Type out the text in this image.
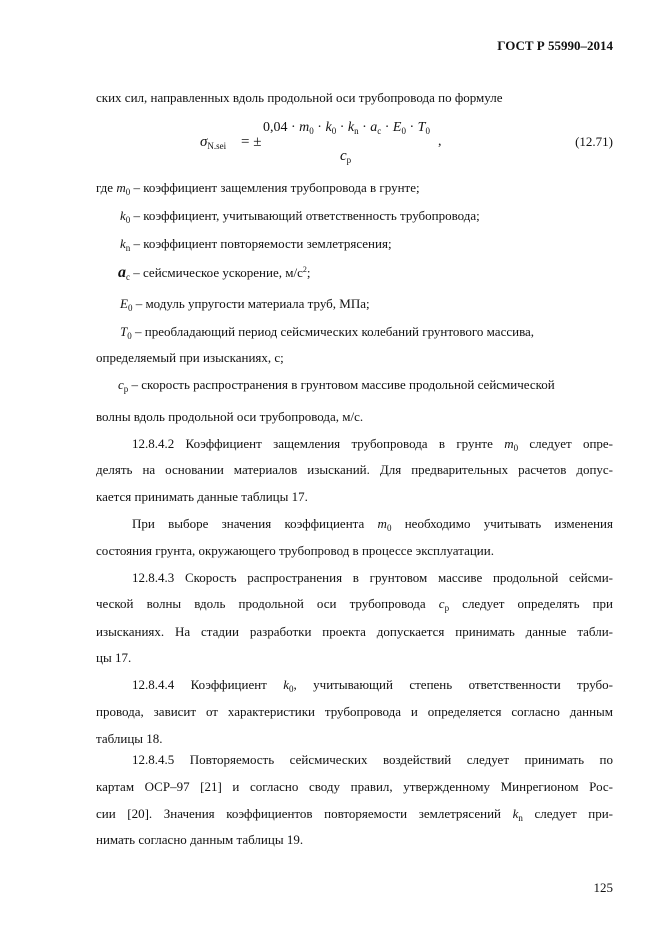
ГОСТ Р 55990–2014
ских сил, направленных вдоль продольной оси трубопровода по формуле
$\sigma_{N.sei}$ = ±
$0,04 \cdot m_0 \cdot k_0 \cdot k_n \cdot a_c \cdot E_0 \cdot T_0$
,
$c_p$
(12.71)
где $m_0$ – коэффициент защемления трубопровода в грунте;
$k_0$ – коэффициент, учитывающий ответственность трубопровода;
$k_n$ – коэффициент повторяемости землетрясения;
$a_c$ – сейсмическое ускорение, $м/с^2$;
$E_0$ – модуль упругости материала труб, МПа;
$T_0$ – преобладающий период сейсмических колебаний грунтового массива,
определяемый при изысканиях, с;
$c_p$ – скорость распространения в грунтовом массиве продольной сейсмической
волны вдоль продольной оси трубопровода, м/с.
12.8.4.2 Коэффициент защемления трубопровода в грунте $m_0$ следует опре-
делять на основании материалов изысканий. Для предварительных расчетов допус-
кается принимать данные таблицы 17.
При выборе значения коэффициента $m_0$ необходимо учитывать изменения
состояния грунта, окружающего трубопровод в процессе эксплуатации.
12.8.4.3 Скорость распространения в грунтовом массиве продольной сейсми-
ческой волны вдоль продольной оси трубопровода $c_p$ следует определять при
изысканиях. На стадии разработки проекта допускается принимать данные табли-
цы 17.
12.8.4.4 Коэффициент $k_0$, учитывающий степень ответственности трубо-
провода, зависит от характеристики трубопровода и определяется согласно данным
таблицы 18.
12.8.4.5 Повторяемость сейсмических воздействий следует принимать по
картам ОСР–97 [21] и согласно своду правил, утвержденному Минрегионом Рос-
сии [20]. Значения коэффициентов повторяемости землетрясений $k_n$ следует при-
нимать согласно данным таблицы 19.
125
